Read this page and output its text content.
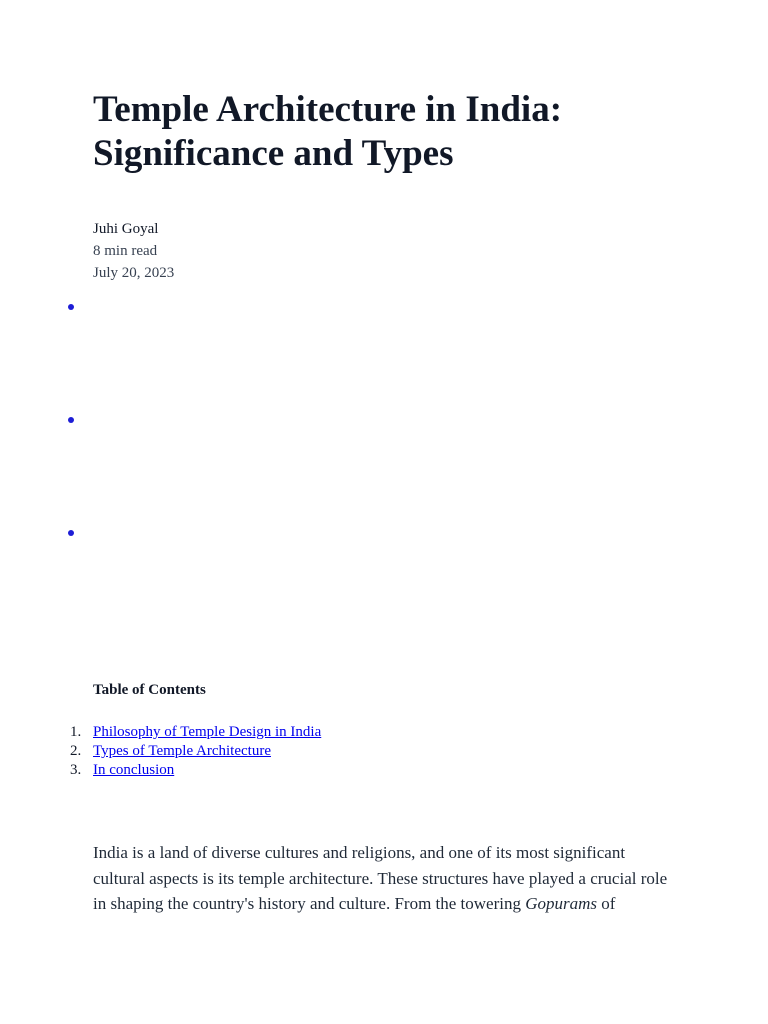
Temple Architecture in India: Significance and Types
Juhi Goyal
8 min read
July 20, 2023
Table of Contents
1. Philosophy of Temple Design in India
2. Types of Temple Architecture
3. In conclusion

India is a land of diverse cultures and religions, and one of its most significant cultural aspects is its temple architecture. These structures have played a crucial role in shaping the country's history and culture. From the towering Gopurams of
